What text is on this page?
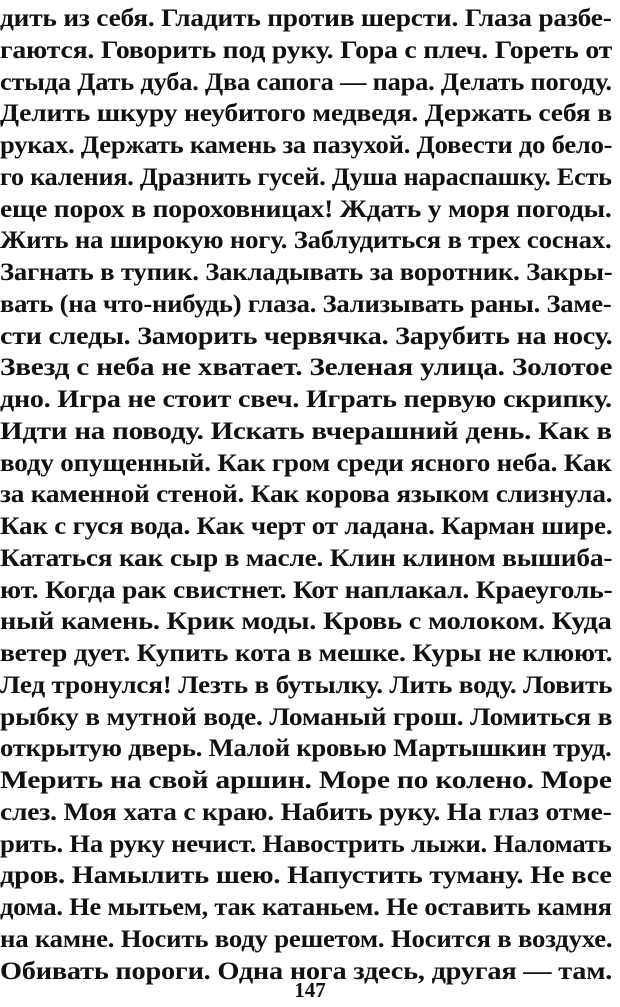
дить из себя. Гладить против шерсти. Глаза разбе-
гаются. Говорить под руку. Гора с плеч. Гореть от
стыда Дать дуба. Два сапога — пара. Делать погоду.
Делить шкуру неубитого медведя. Держать себя в
руках. Держать камень за пазухой. Довести до бело-
го каления. Дразнить гусей. Душа нараспашку. Есть
еще порох в пороховницах! Ждать у моря погоды.
Жить на широкую ногу. Заблудиться в трех соснах.
Загнать в тупик. Закладывать за воротник. Закры-
вать (на что-нибудь) глаза. Зализывать раны. Заме-
сти следы. Заморить червячка. Зарубить на носу.
Звезд с неба не хватает. Зеленая улица. Золотое
дно. Игра не стоит свеч. Играть первую скрипку.
Идти на поводу. Искать вчерашний день. Как в
воду опущенный. Как гром среди ясного неба. Как
за каменной стеной. Как корова языком слизнула.
Как с гуся вода. Как черт от ладана. Карман шире.
Кататься как сыр в масле. Клин клином вышиба-
ют. Когда рак свистнет. Кот наплакал. Краеуголь-
ный камень. Крик моды. Кровь с молоком. Куда
ветер дует. Купить кота в мешке. Куры не клюют.
Лед тронулся! Лезть в бутылку. Лить воду. Ловить
рыбку в мутной воде. Ломаный грош. Ломиться в
открытую дверь. Малой кровью Мартышкин труд.
Мерить на свой аршин. Море по колено. Море
слез. Моя хата с краю. Набить руку. На глаз отме-
рить. На руку нечист. Навострить лыжи. Наломать
дров. Намылить шею. Напустить туману. Не все
дома. Не мытьем, так катаньем. Не оставить камня
на камне. Носить воду решетом. Носится в воздухе.
Обивать пороги. Одна нога здесь, другая — там.
147
